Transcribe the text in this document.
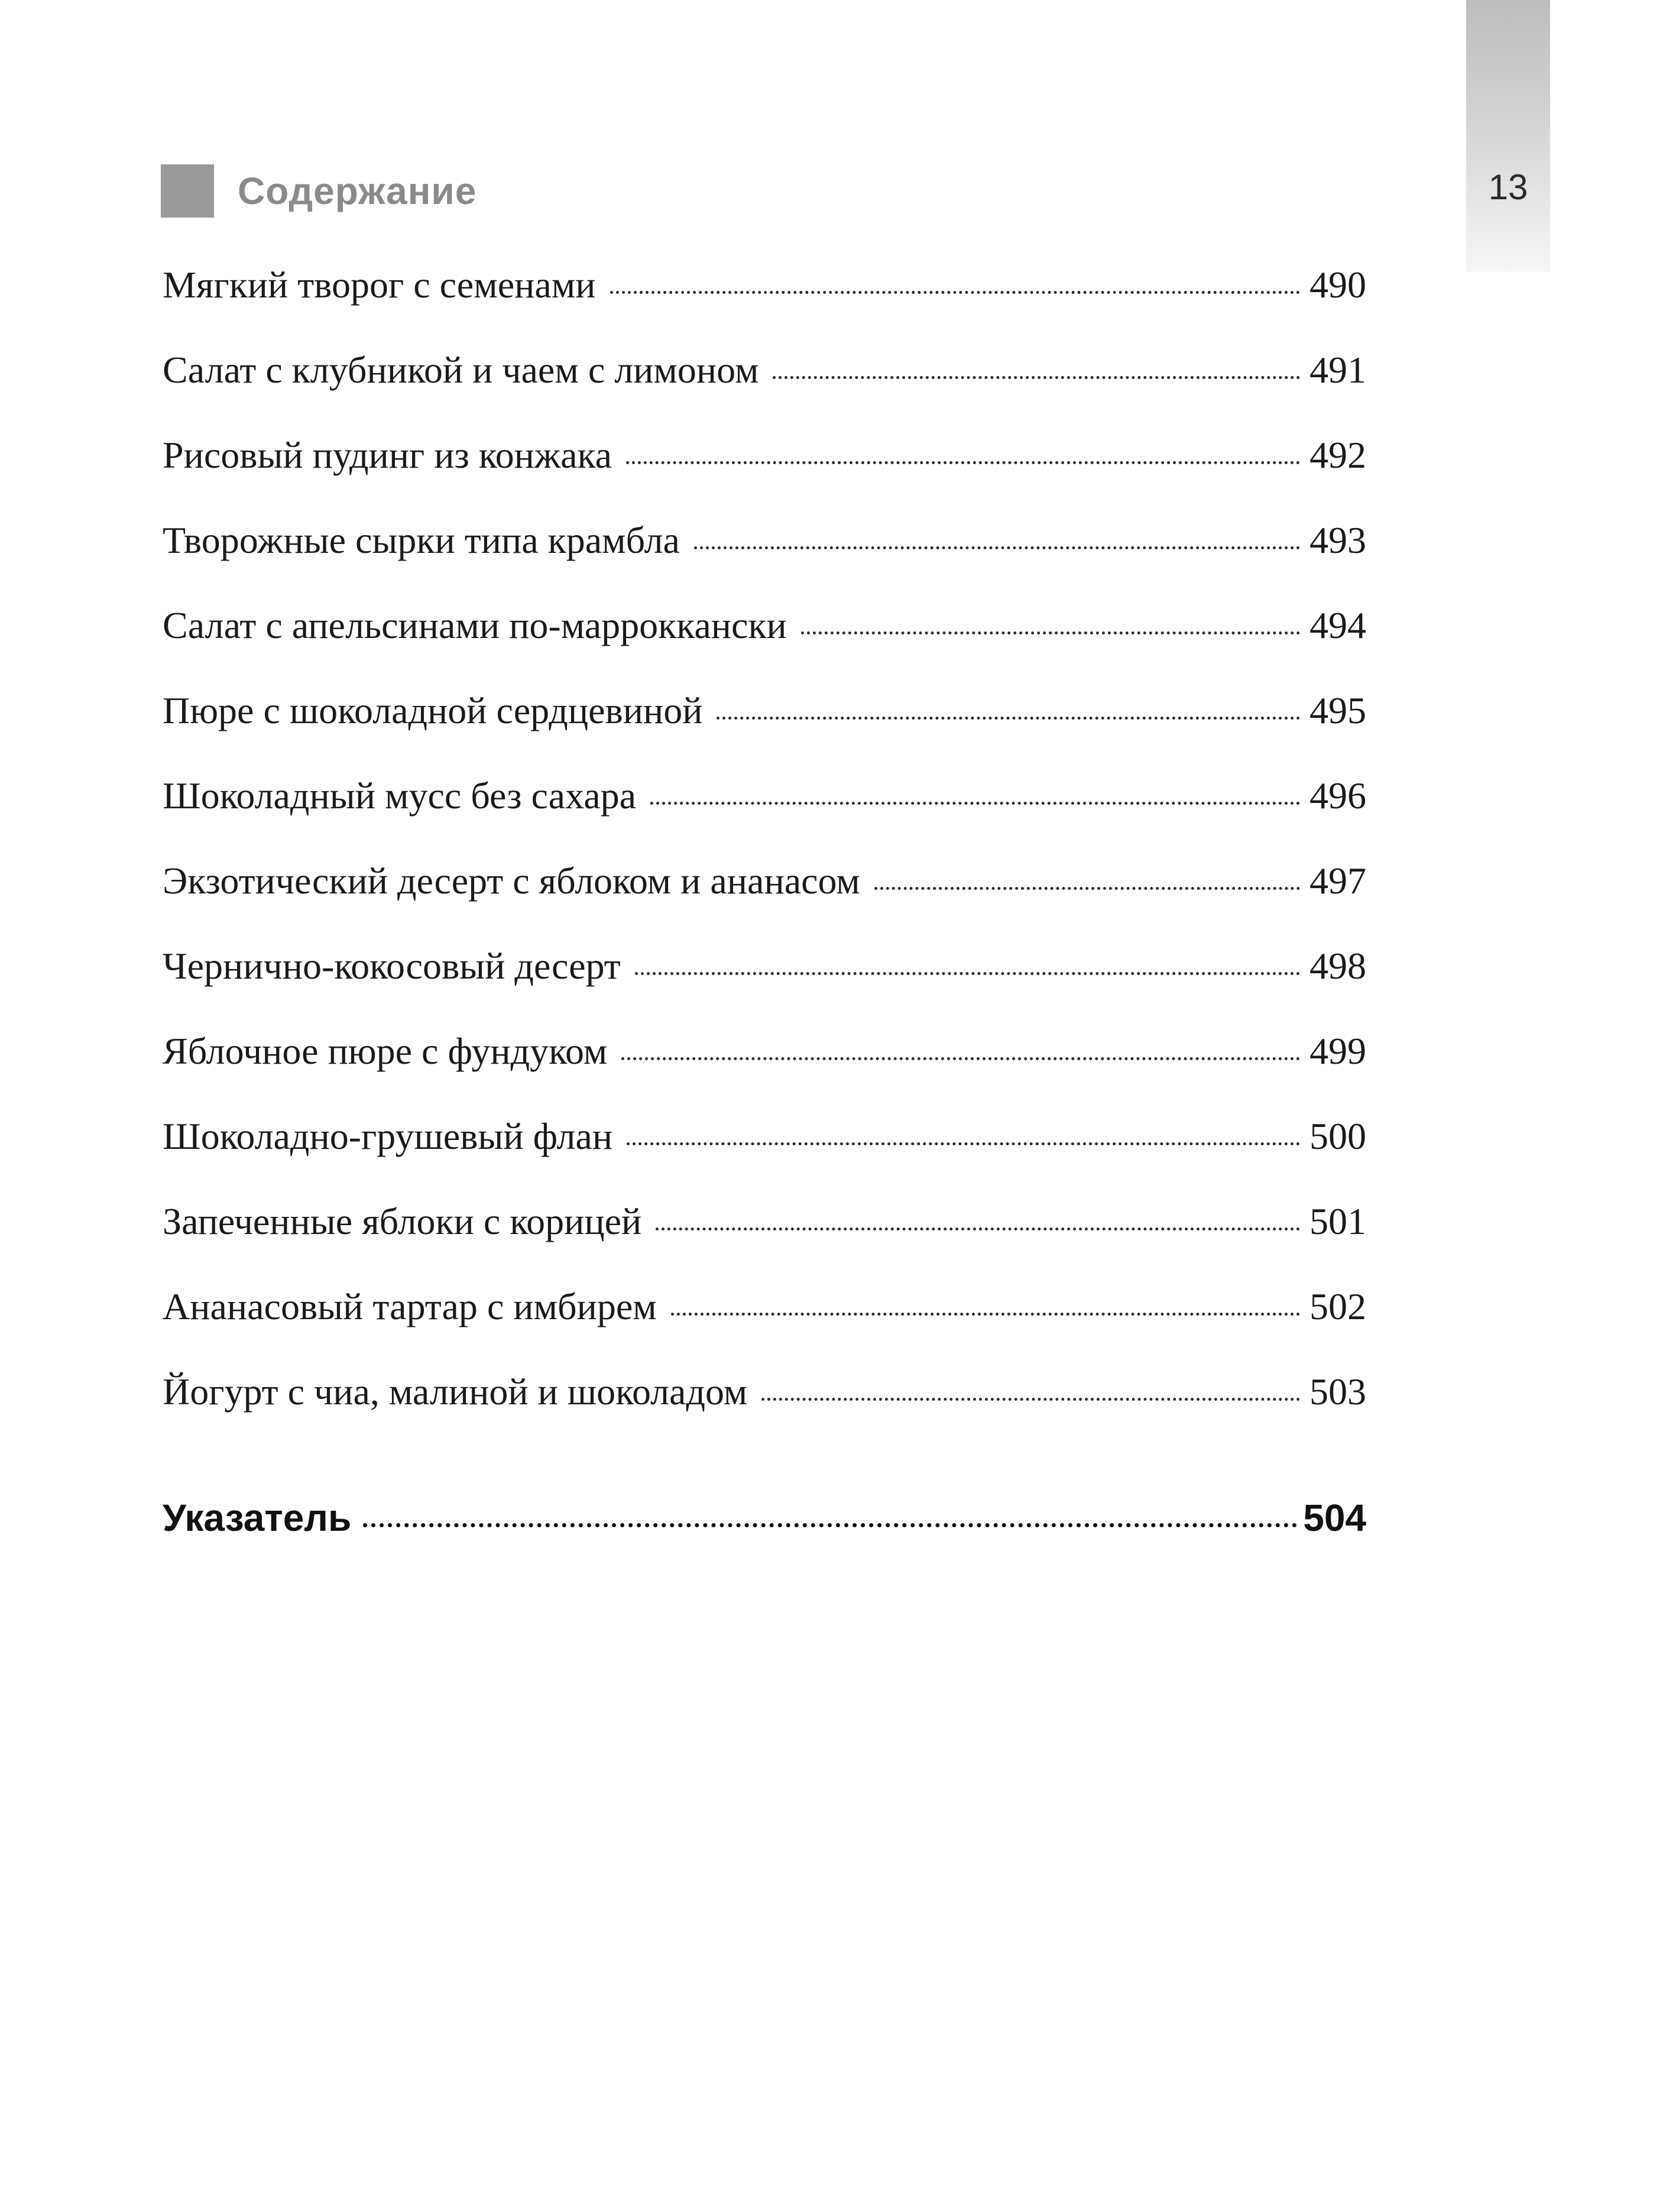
13
Содержание
Мягкий творог с семенами	490
Салат с клубникой и чаем с лимоном	491
Рисовый пудинг из конжака	492
Творожные сырки типа крамбла	493
Салат с апельсинами по-марроккански	494
Пюре с шоколадной сердцевиной	495
Шоколадный мусс без сахара	496
Экзотический десерт с яблоком и ананасом	497
Чернично-кокосовый десерт	498
Яблочное пюре с фундуком	499
Шоколадно-грушевый флан	500
Запеченные яблоки с корицей	501
Ананасовый тартар с имбирем	502
Йогурт с чиа, малиной и шоколадом	503
Указатель	504
